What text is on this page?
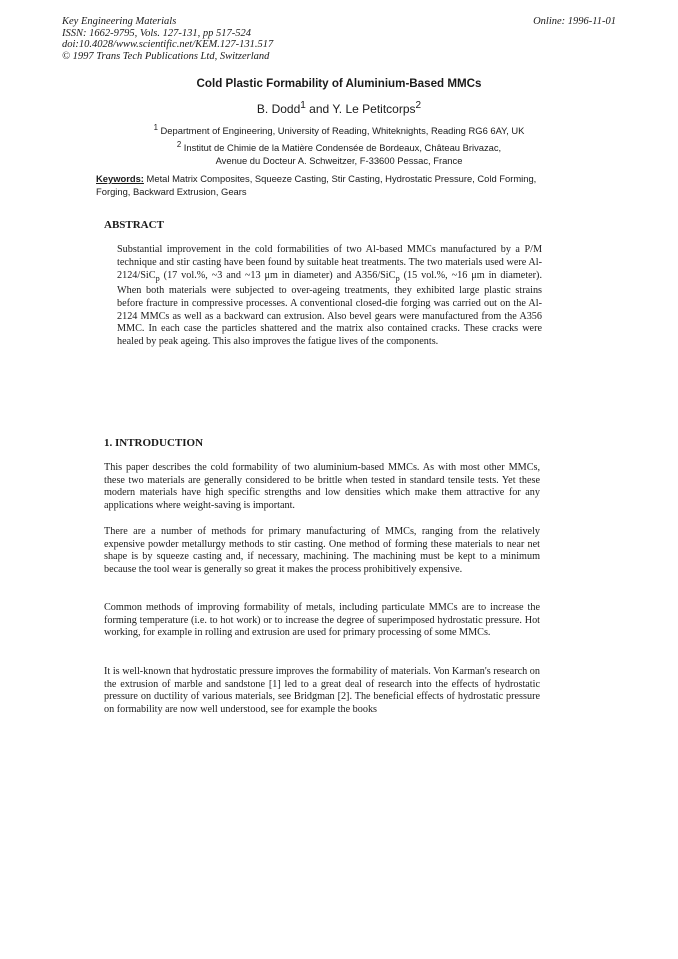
Key Engineering Materials
ISSN: 1662-9795, Vols. 127-131, pp 517-524
doi:10.4028/www.scientific.net/KEM.127-131.517
© 1997 Trans Tech Publications Ltd, Switzerland
Online: 1996-11-01
Cold Plastic Formability of Aluminium-Based MMCs
B. Dodd$^1$ and Y. Le Petitcorps$^2$
$^1$ Department of Engineering, University of Reading, Whiteknights, Reading RG6 6AY, UK
$^2$ Institut de Chimie de la Matière Condensée de Bordeaux, Château Brivazac,
Avenue du Docteur A. Schweitzer, F-33600 Pessac, France
Keywords: Metal Matrix Composites, Squeeze Casting, Stir Casting, Hydrostatic Pressure, Cold Forming, Forging, Backward Extrusion, Gears
ABSTRACT
Substantial improvement in the cold formabilities of two Al-based MMCs manufactured by a P/M technique and stir casting have been found by suitable heat treatments. The two materials used were Al-2124/SiC$_p$ (17 vol.%, ~3 and ~13 μm in diameter) and A356/SiC$_p$ (15 vol.%, ~16 μm in diameter). When both materials were subjected to over-ageing treatments, they exhibited large plastic strains before fracture in compressive processes. A conventional closed-die forging was carried out on the Al-2124 MMCs as well as a backward can extrusion. Also bevel gears were manufactured from the A356 MMC. In each case the particles shattered and the matrix also contained cracks. These cracks were healed by peak ageing. This also improves the fatigue lives of the components.
1. INTRODUCTION
This paper describes the cold formability of two aluminium-based MMCs. As with most other MMCs, these two materials are generally considered to be brittle when tested in standard tensile tests. Yet these modern materials have high specific strengths and low densities which make them attractive for any applications where weight-saving is important.
There are a number of methods for primary manufacturing of MMCs, ranging from the relatively expensive powder metallurgy methods to stir casting. One method of forming these materials to near net shape is by squeeze casting and, if necessary, machining. The machining must be kept to a minimum because the tool wear is generally so great it makes the process prohibitively expensive.
Common methods of improving formability of metals, including particulate MMCs are to increase the forming temperature (i.e. to hot work) or to increase the degree of superimposed hydrostatic pressure. Hot working, for example in rolling and extrusion are used for primary processing of some MMCs.
It is well-known that hydrostatic pressure improves the formability of materials. Von Karman's research on the extrusion of marble and sandstone [1] led to a great deal of research into the effects of hydrostatic pressure on ductility of various materials, see Bridgman [2]. The beneficial effects of hydrostatic pressure on formability are now well understood, see for example the books
